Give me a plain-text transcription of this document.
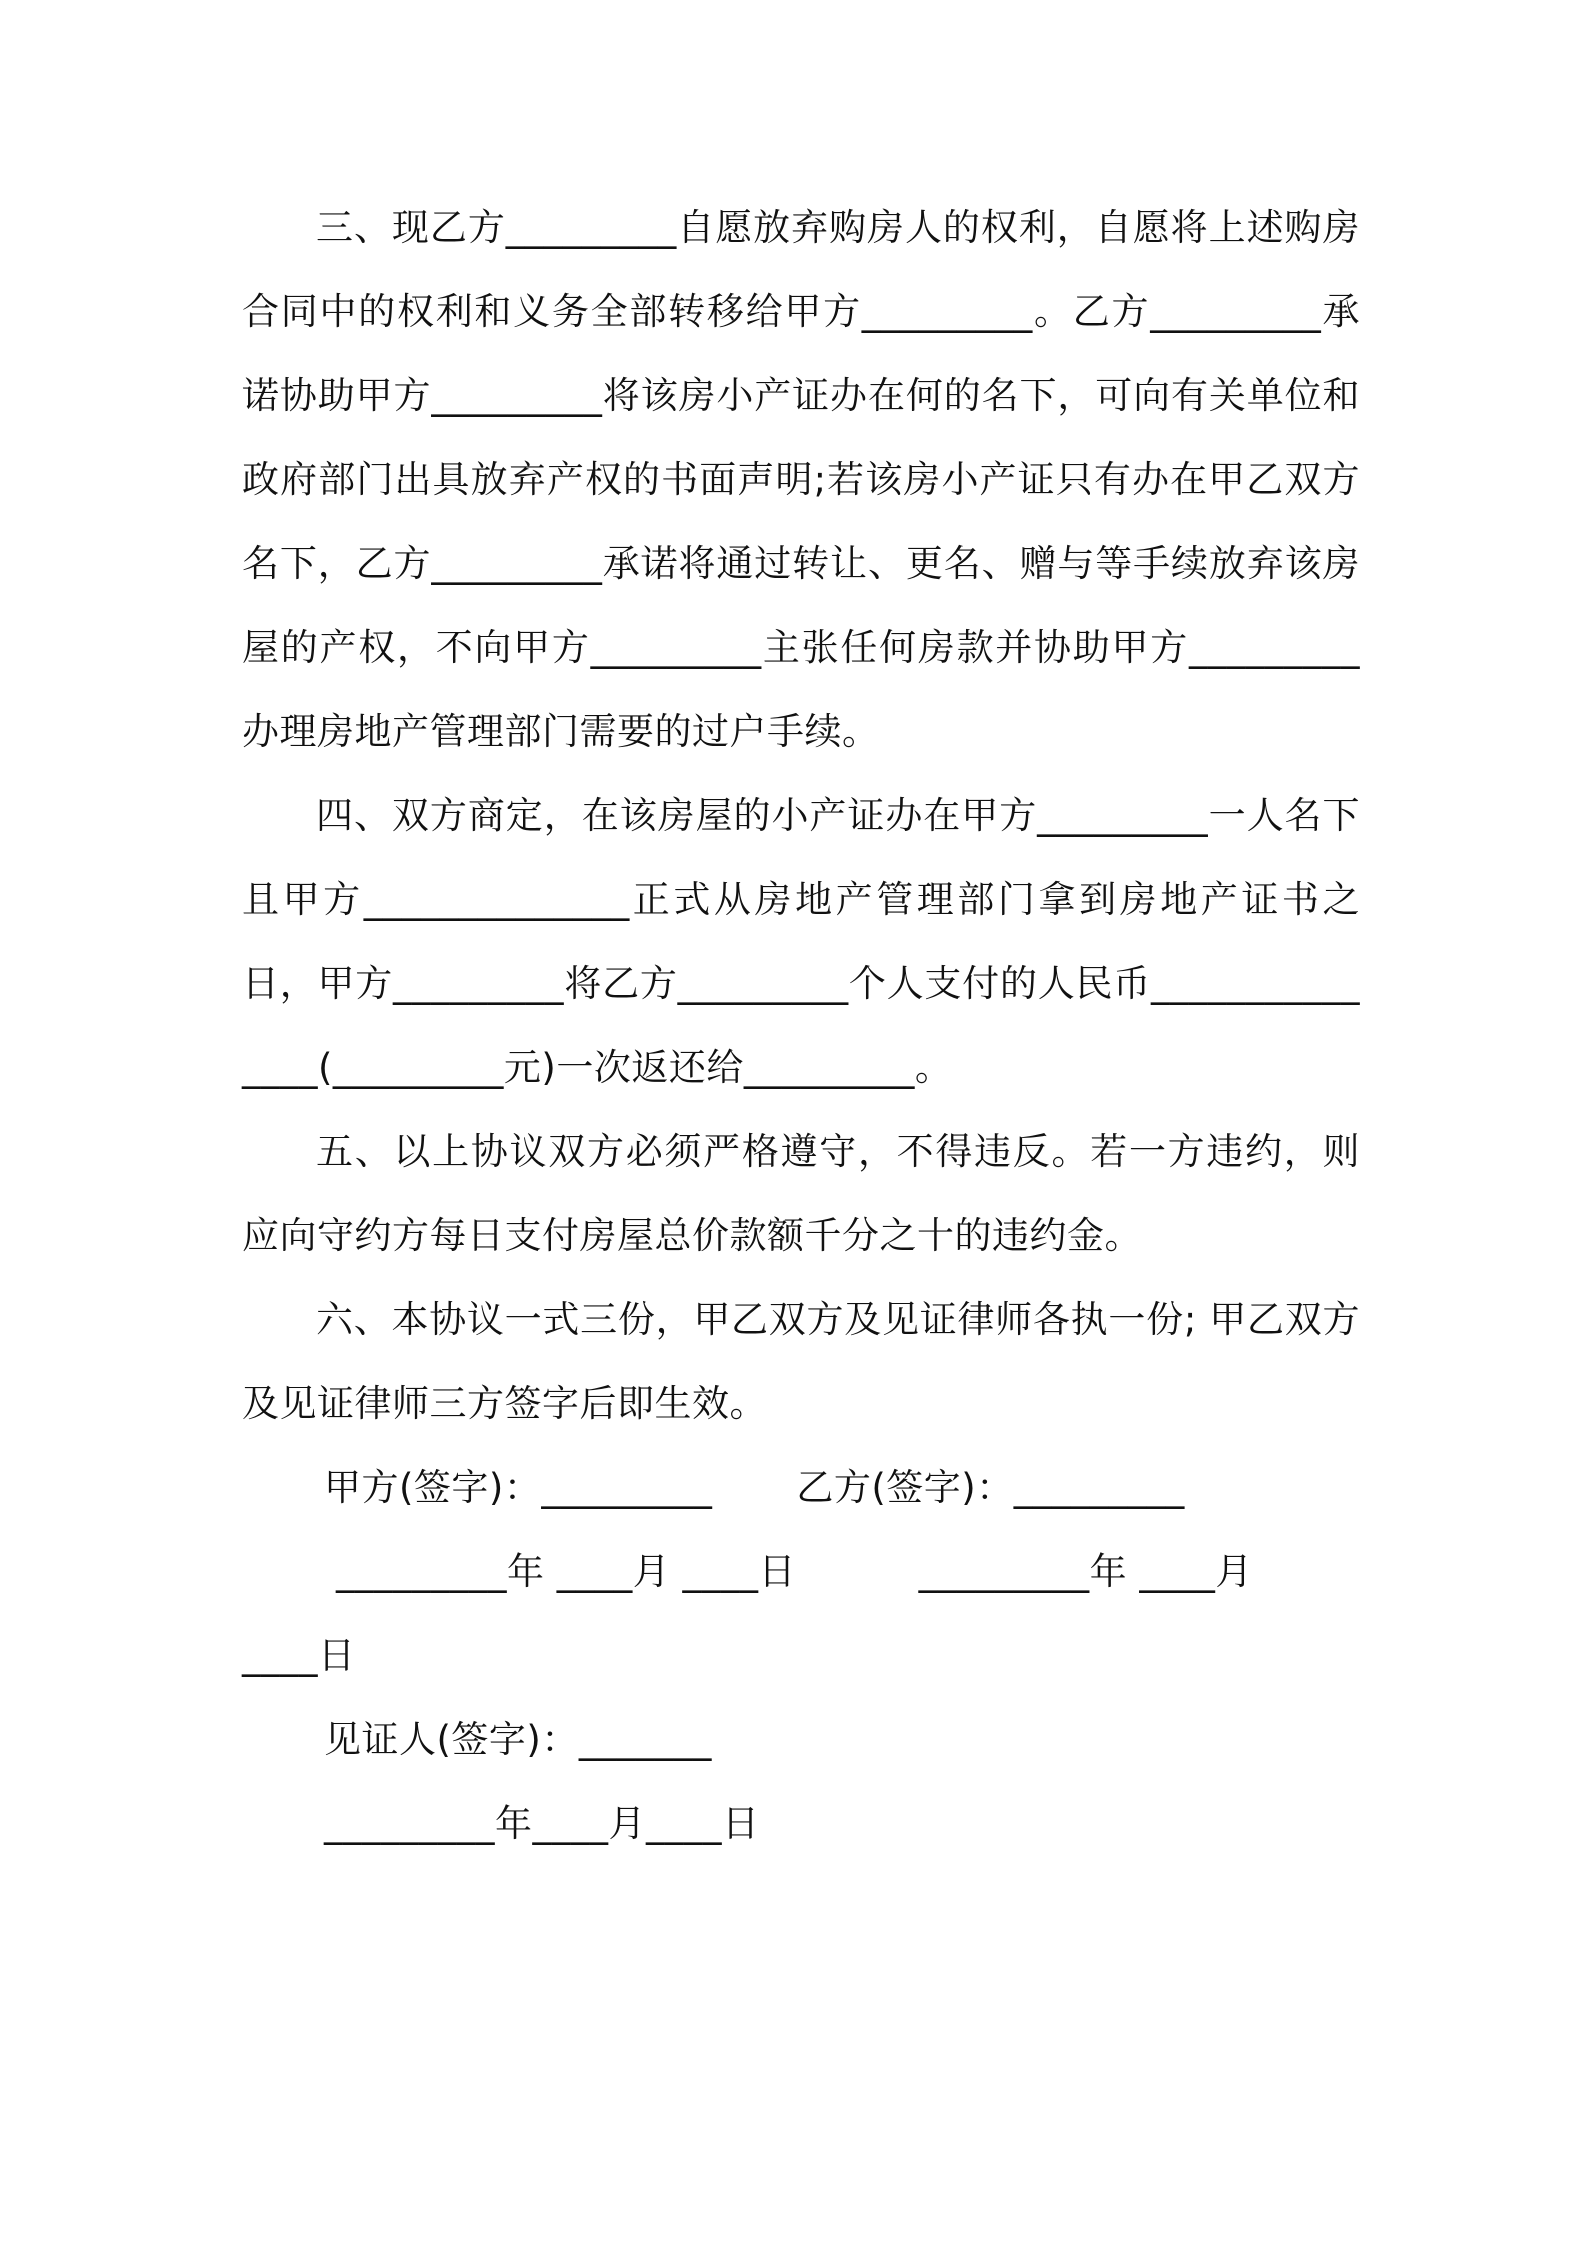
三、现乙方_________自愿放弃购房人的权利，自愿将上述购房合同中的权利和义务全部转移给甲方_________。乙方_________承诺协助甲方_________将该房小产证办在何的名下，可向有关单位和政府部门出具放弃产权的书面声明;若该房小产证只有办在甲乙双方名下，乙方_________承诺将通过转让、更名、赠与等手续放弃该房屋的产权，不向甲方_________主张任何房款并协助甲方_________办理房地产管理部门需要的过户手续。

四、双方商定，在该房屋的小产证办在甲方_________一人名下且甲方______________正式从房地产管理部门拿到房地产证书之日，甲方_________将乙方_________个人支付的人民币_______________(_________元)一次返还给_________。

五、以上协议双方必须严格遵守，不得违反。若一方违约，则应向守约方每日支付房屋总价款额千分之十的违约金。

六、本协议一式三份，甲乙双方及见证律师各执一份; 甲乙双方及见证律师三方签字后即生效。

甲方(签字)：_________ 乙方(签字)：_________
_________年 ____月 ____日          _________年 ____月
____日
见证人(签字)：_______
_________年____月____日
